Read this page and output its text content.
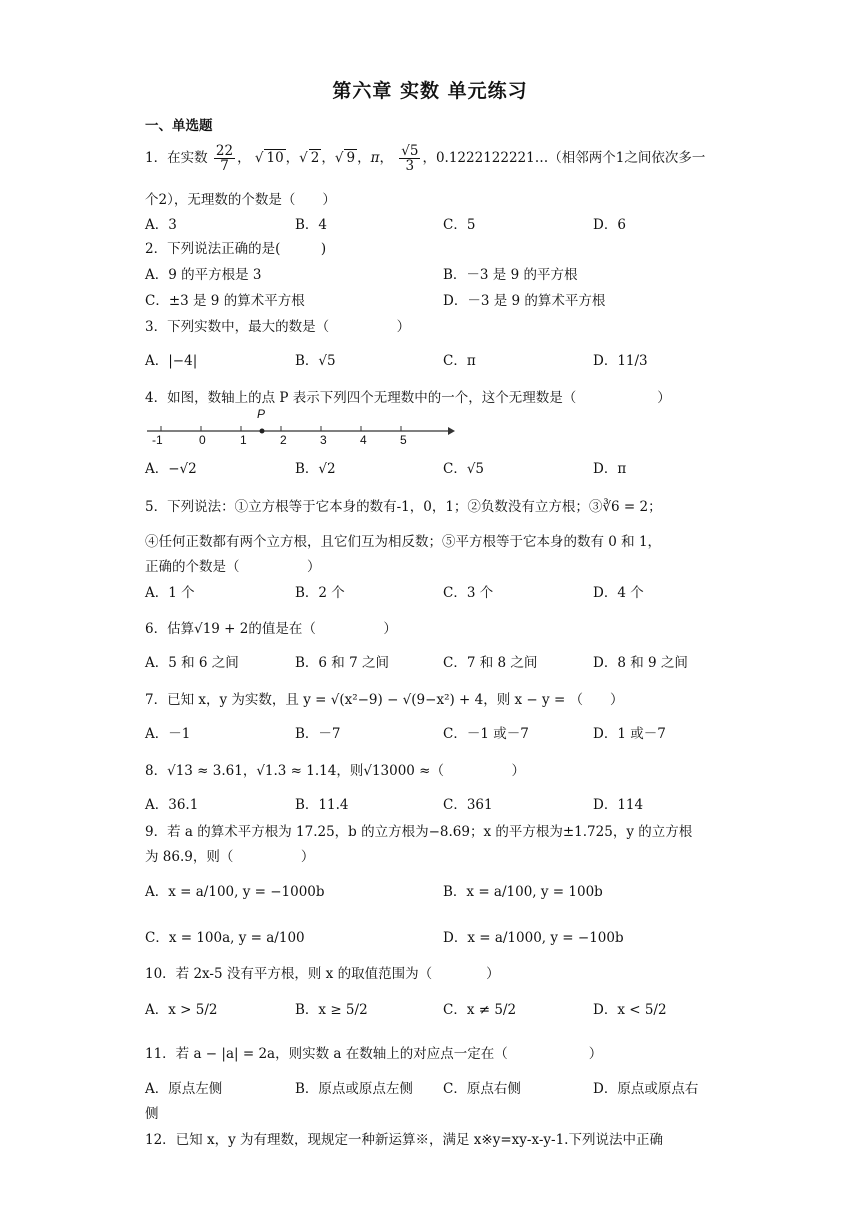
第六章 实数 单元练习
一、单选题
1．在实数 $\frac{22}{7}$ ， √ 10 ，√ 2 ，√ 9 ，π， $\frac{√5}{3}$ ，0.1222122221…（相邻两个1之间依次多一
个2），无理数的个数是（　　）
A．3	B．4	C．5	D．6
2．下列说法正确的是(　　　)
A．9 的平方根是 3	B．－3 是 9 的平方根
C．±3 是 9 的算术平方根	D．－3 是 9 的算术平方根
3．下列实数中，最大的数是（　　　　　）
A．|−4|	B．√5	C．π	D．11/3
4．如图，数轴上的点 P 表示下列四个无理数中的一个，这个无理数是（　　　　　　）
P
-1	0	1	2	3	4	5
A．−√2	B．√2	C．√5	D．π
5．下列说法：①立方根等于它本身的数有-1，0，1；②负数没有立方根；③∛6 = 2；
④任何正数都有两个立方根，且它们互为相反数；⑤平方根等于它本身的数有 0 和 1，
正确的个数是（　　　　　）
A．1 个	B．2 个	C．3 个	D．4 个
6．估算√19 + 2的值是在（　　　　　）
A．5 和 6 之间	B．6 和 7 之间	C．7 和 8 之间	D．8 和 9 之间
7．已知 x，y 为实数，且 y = √(x²−9) − √(9−x²) + 4，则 x − y = （　　）
A．－1	B．－7	C．－1 或－7	D．1 或－7
8．√13 ≈ 3.61，√1.3 ≈ 1.14，则√13000 ≈（　　　　　）
A．36.1	B．11.4	C．361	D．114
9．若 a 的算术平方根为 17.25，b 的立方根为−8.69；x 的平方根为±1.725，y 的立方根
为 86.9，则（　　　　　）
A．x = a/100, y = −1000b	B．x = a/100, y = 100b
C．x = 100a, y = a/100	D．x = a/1000, y = −100b
10．若 2x-5 没有平方根，则 x 的取值范围为（　　　　）
A．x > 5/2	B．x ≥ 5/2	C．x ≠ 5/2	D．x < 5/2
11．若 a − |a| = 2a，则实数 a 在数轴上的对应点一定在（　　　　　　）
A．原点左侧	B．原点或原点左侧 C．原点右侧	D．原点或原点右
侧
12．已知 x，y 为有理数，现规定一种新运算※，满足 x※y=xy-x-y-1.下列说法中正确
